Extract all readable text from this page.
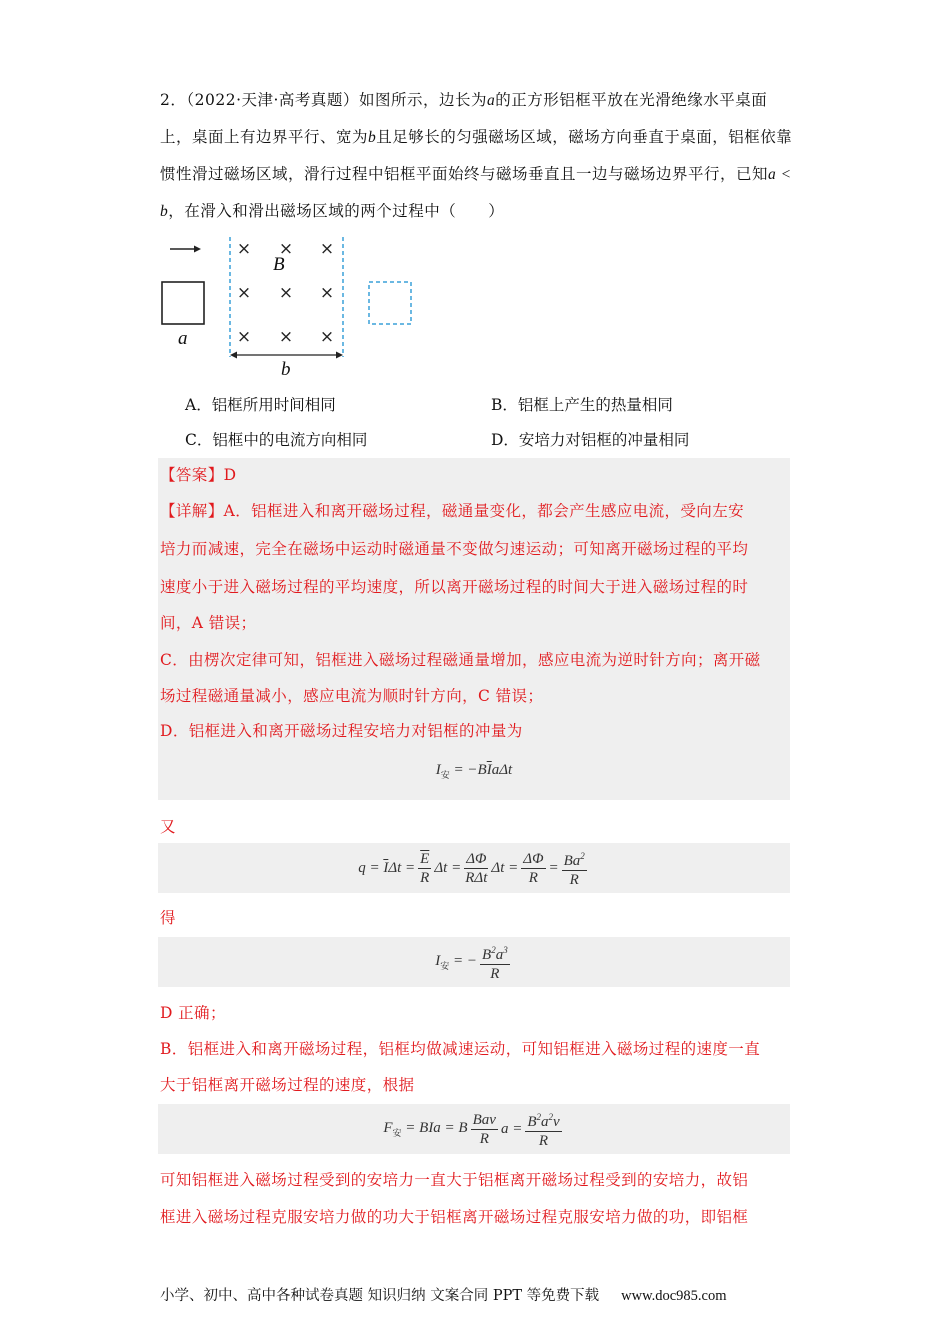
2．（2022·天津·高考真题）如图所示，边长为a的正方形铝框平放在光滑绝缘水平桌面上，桌面上有边界平行、宽为b且足够长的匀强磁场区域，磁场方向垂直于桌面，铝框依靠惯性滑过磁场区域，滑行过程中铝框平面始终与磁场垂直且一边与磁场边界平行，已知a < b，在滑入和滑出磁场区域的两个过程中（　　）
× × ×
× × ×
× × ×
B
a
b
A．铝框所用时间相同	B．铝框上产生的热量相同
C．铝框中的电流方向相同	D．安培力对铝框的冲量相同
【答案】D
【详解】A．铝框进入和离开磁场过程，磁通量变化，都会产生感应电流，受向左安
培力而减速，完全在磁场中运动时磁通量不变做匀速运动；可知离开磁场过程的平均
速度小于进入磁场过程的平均速度，所以离开磁场过程的时间大于进入磁场过程的时
间，A 错误；
C．由楞次定律可知，铝框进入磁场过程磁通量增加，感应电流为逆时针方向；离开磁
场过程磁通量减小，感应电流为顺时针方向，C 错误；
D．铝框进入和离开磁场过程安培力对铝框的冲量为
$I_安 = -B\overline{I}a\Delta t$
又
$q = \overline{I}\Delta t = \frac{\overline{E}}{R}$ Δt =
ΔΦ
RΔt
$\Delta t = \frac{\Delta\Phi}{R} = \frac{Ba^2}{R}$
得
$I_安$ = − $\frac{B^2a^3}{R}$
D 正确；
B．铝框进入和离开磁场过程，铝框均做减速运动，可知铝框进入磁场过程的速度一直
大于铝框离开磁场过程的速度，根据
$F_安$ = BIa = B Bav
R
$a = \frac{B^2a^2v}{R}$
可知铝框进入磁场过程受到的安培力一直大于铝框离开磁场过程受到的安培力，故铝
框进入磁场过程克服安培力做的功大于铝框离开磁场过程克服安培力做的功，即铝框
小学、初中、高中各种试卷真题 知识归纳 文案合同 PPT 等免费下载 www.doc985.com
